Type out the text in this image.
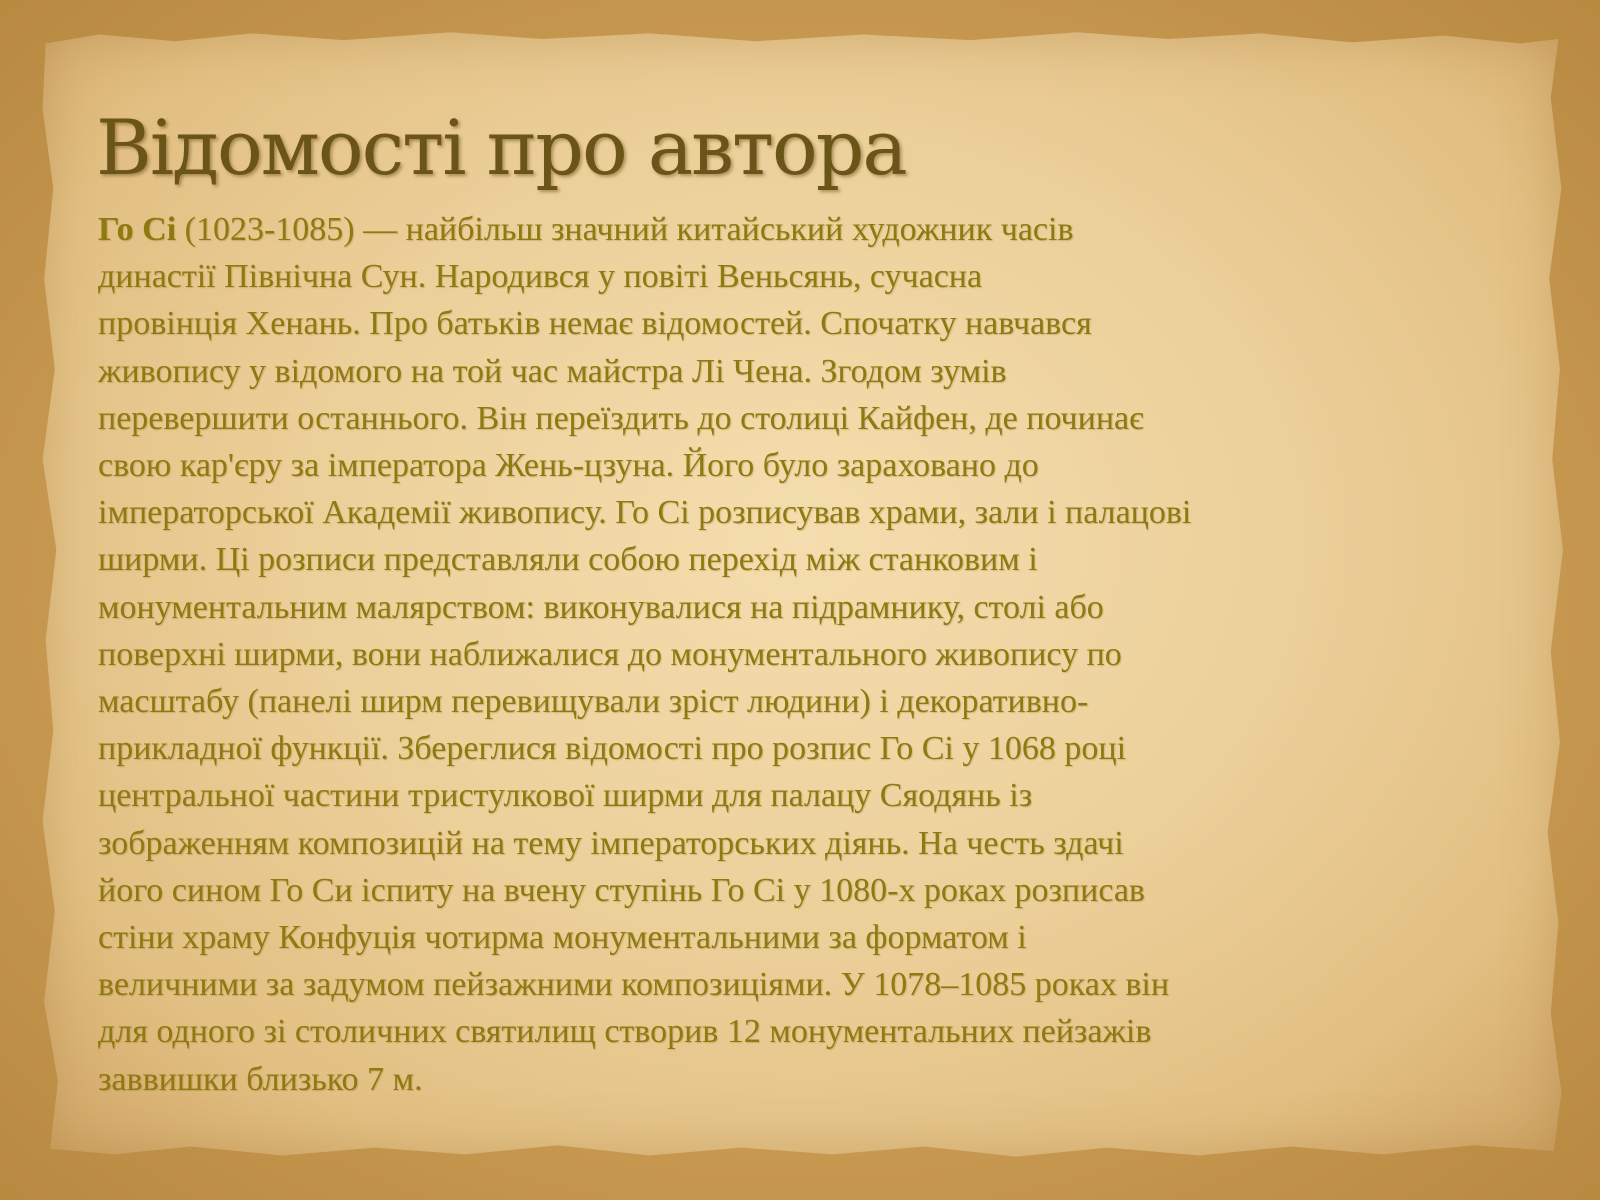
Відомості про автора
Го Сі (1023-1085) — найбільш значний китайський художник часів
династії Північна Сун. Народився у повіті Веньсянь, сучасна
провінція Хенань. Про батьків немає відомостей. Спочатку навчався
живопису у відомого на той час майстра Лі Чена. Згодом зумів
перевершити останнього. Він переїздить до столиці Кайфен, де починає
свою кар'єру за імператора Жень-цзуна. Його було зараховано до
імператорської Академії живопису. Го Сі розписував храми, зали і палацові
ширми. Ці розписи представляли собою перехід між станковим і
монументальним малярством: виконувалися на підрамнику, столі або
поверхні ширми, вони наближалися до монументального живопису по
масштабу (панелі ширм перевищували зріст людини) і декоративно-
прикладної функції. Збереглися відомості про розпис Го Сі у 1068 році
центральної частини тристулкової ширми для палацу Сяодянь із
зображенням композицій на тему імператорських діянь. На честь здачі
його сином Го Си іспиту на вчену ступінь Го Сі у 1080-х роках розписав
стіни храму Конфуція чотирма монументальними за форматом і
величними за задумом пейзажними композиціями. У 1078–1085 роках він
для одного зі столичних святилищ створив 12 монументальних пейзажів
заввишки близько 7 м.
